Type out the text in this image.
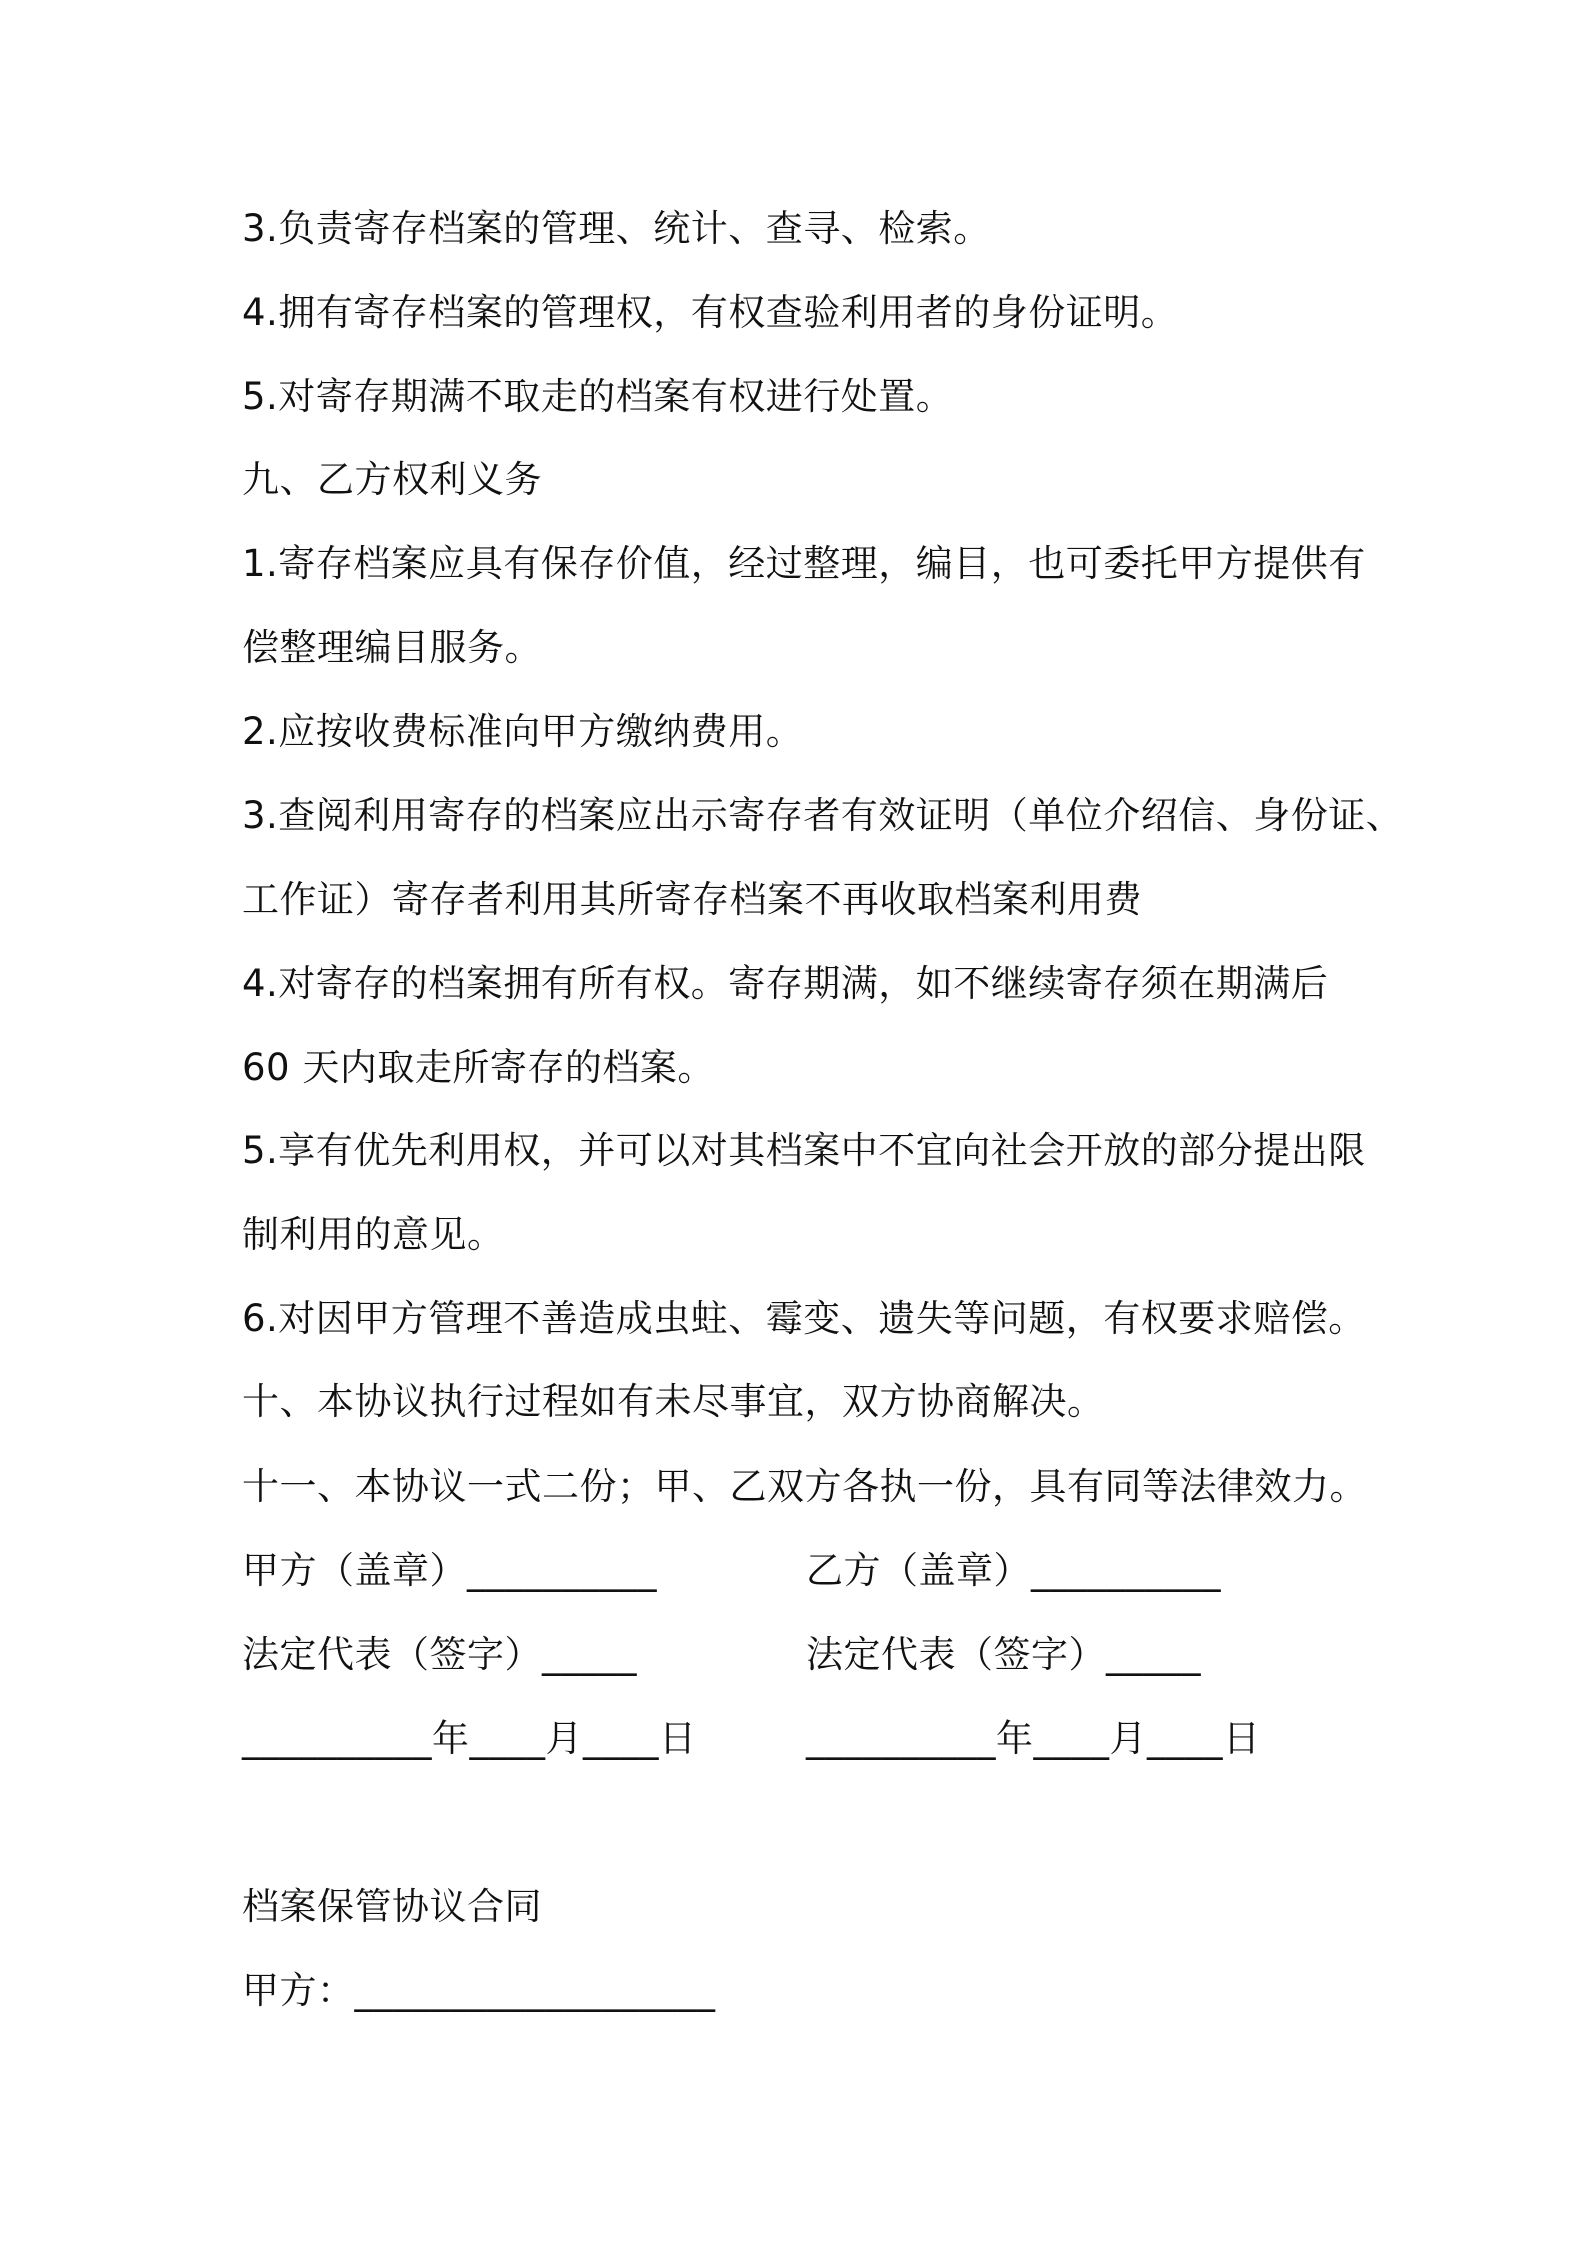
3.负责寄存档案的管理、统计、查寻、检索。
4.拥有寄存档案的管理权，有权查验利用者的身份证明。
5.对寄存期满不取走的档案有权进行处置。
九、乙方权利义务
1.寄存档案应具有保存价值，经过整理，编目，也可委托甲方提供有
偿整理编目服务。
2.应按收费标准向甲方缴纳费用。
3.查阅利用寄存的档案应出示寄存者有效证明（单位介绍信、身份证、
工作证）寄存者利用其所寄存档案不再收取档案利用费
4.对寄存的档案拥有所有权。寄存期满，如不继续寄存须在期满后
60 天内取走所寄存的档案。
5.享有优先利用权，并可以对其档案中不宜向社会开放的部分提出限
制利用的意见。
6.对因甲方管理不善造成虫蛀、霉变、遗失等问题，有权要求赔偿。
十、本协议执行过程如有未尽事宜，双方协商解决。
十一、本协议一式二份；甲、乙双方各执一份，具有同等法律效力。
甲方（盖章）__________	乙方（盖章）__________
法定代表（签字）_____	法定代表（签字）_____
__________年____月____日	__________年____月____日
档案保管协议合同
甲方：___________________
